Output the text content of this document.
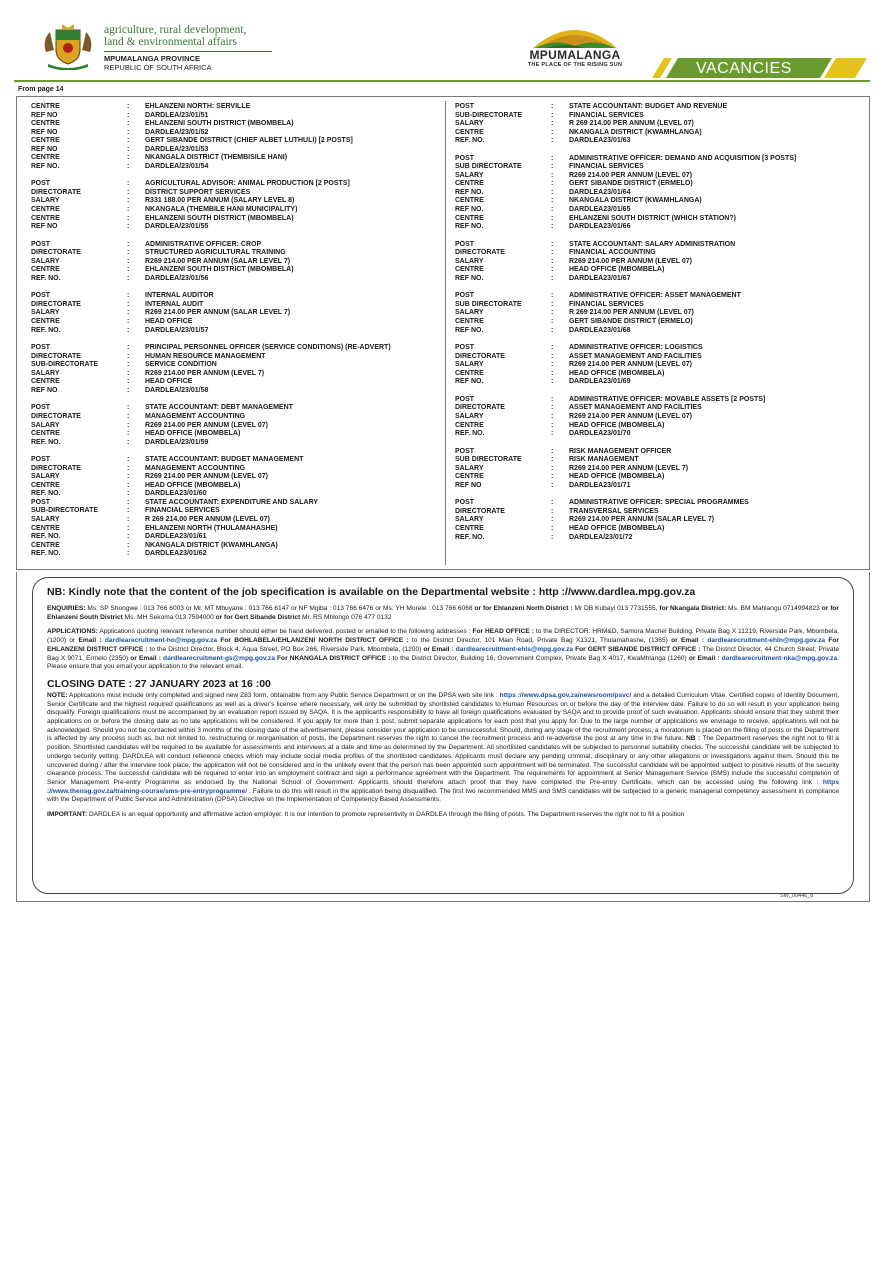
agriculture, rural development,
land & environmental affairs
MPUMALANGA PROVINCE
REPUBLIC OF SOUTH AFRICA
MPUMALANGA
THE PLACE OF THE RISING SUN	VACANCIES
From page 14
CENTRE	:	EHLANZENI NORTH: SERVILLE
REF NO	:	DARDLEA/23/01/51
CENTRE	:	EHLANZENI SOUTH DISTRICT (MBOMBELA)
REF NO	:	DARDLEA/23/01/52
CENTRE	:	GERT SIBANDE DISTRICT (CHIEF ALBET LUTHULI) [2 POSTS]
REF NO	:	DARDLEA/23/01/53
CENTRE	:	NKANGALA DISTRICT (THEMBISILE HANI)
REF NO.	:	DARDLEA/23/01/54
POST	:	AGRICULTURAL ADVISOR: ANIMAL PRODUCTION [2 POSTS]
DIRECTORATE	:	DISTRICT SUPPORT SERVICES
SALARY	:	R331 188.00 PER ANNUM (SALARY LEVEL 8)
CENTRE	:	NKANGALA (THEMBILE HANI MUNICIPALITY)
CENTRE	:	EHLANZENI SOUTH DISTRICT (MBOMBELA)
REF NO	:	DARDLEA/23/01/55
POST	:	ADMINISTRATIVE OFFICER: CROP
DIRECTORATE	:	STRUCTURED AGRICULTURAL TRAINING
SALARY	:	R269 214.00 PER ANNUM (SALAR LEVEL 7)
CENTRE	:	EHLANZENI SOUTH DISTRICT (MBOMBELA)
REF. NO.	:	DARDLEA/23/01/56
POST	:	INTERNAL AUDITOR
DIRECTORATE	:	INTERNAL AUDIT
SALARY	:	R269 214.00 PER ANNUM (SALAR LEVEL 7)
CENTRE	:	HEAD OFFICE
REF. NO.	:	DARDLEA/23/01/57
POST	:	PRINCIPAL PERSONNEL OFFICER (SERVICE CONDITIONS) (RE-ADVERT)
DIRECTORATE	:	HUMAN RESOURCE MANAGEMENT
SUB-DIRECTORATE	:	SERVICE CONDITION
SALARY	:	R269 214.00 PER ANNUM (LEVEL 7)
CENTRE	:	HEAD OFFICE
REF NO	:	DARDLEA/23/01/58
POST	:	STATE ACCOUNTANT: DEBT MANAGEMENT
DIRECTORATE	:	MANAGEMENT ACCOUNTING
SALARY	:	R269 214.00 PER ANNUM (LEVEL 07)
CENTRE	:	HEAD OFFICE (MBOMBELA)
REF. NO.	:	DARDLEA/23/01/59
POST	:	STATE ACCOUNTANT: BUDGET MANAGEMENT
DIRECTORATE	:	MANAGEMENT ACCOUNTING
SALARY	:	R269 214.00 PER ANNUM (LEVEL 07)
CENTRE	:	HEAD OFFICE (MBOMBELA)
REF. NO.	:	DARDLEA23/01/60
POST	:	STATE ACCOUNTANT: EXPENDITURE AND SALARY
SUB-DIRECTORATE	:	FINANCIAL SERVICES
SALARY	:	R 269 214.00 PER ANNUM (LEVEL 07)
CENTRE	:	EHLANZENI NORTH (THULAMAHASHE)
REF. NO.	:	DARDLEA23/01/61
CENTRE	:	NKANGALA DISTRICT (KWAMHLANGA)
REF. NO.	:	DARDLEA23/01/62
POST	:	STATE ACCOUNTANT: BUDGET AND REVENUE
SUB-DIRECTORATE	:	FINANCIAL SERVICES
SALARY	:	R 269 214.00 PER ANNUM (LEVEL 07)
CENTRE	:	NKANGALA DISTRICT (KWAMHLANGA)
REF. NO.	:	DARDLEA23/01/63
POST	:	ADMINISTRATIVE OFFICER: DEMAND AND ACQUISITION [3 POSTS]
SUB DIRECTORATE	:	FINANCIAL SERVICES
SALARY	:	R269 214.00 PER ANNUM (LEVEL 07)
CENTRE	:	GERT SIBANDE DISTRICT (ERMELO)
REF NO.	:	DARDLEA23/01/64
CENTRE	:	NKANGALA DISTRICT (KWAMHLANGA)
REF NO.	:	DARDLEA23/01/65
CENTRE	:	EHLANZENI SOUTH DISTRICT (WHICH STATION?)
REF NO.	:	DARDLEA23/01/66
POST	:	STATE ACCOUNTANT: SALARY ADMINISTRATION
DIRECTORATE	:	FINANCIAL ACCOUNTING
SALARY	:	R269 214.00 PER ANNUM (LEVEL 07)
CENTRE	:	HEAD OFFICE (MBOMBELA)
REF NO.	:	DARDLEA23/01/67
POST	:	ADMINISTRATIVE OFFICER: ASSET MANAGEMENT
SUB DIRECTORATE	:	FINANCIAL SERVICES
SALARY	:	R 269 214.00 PER ANNUM (LEVEL 07)
CENTRE	:	GERT SIBANDE DISTRICT (ERMELO)
REF NO.	:	DARDLEA23/01/68
POST	:	ADMINISTRATIVE OFFICER: LOGISTICS
DIRECTORATE	:	ASSET MANAGEMENT AND FACILITIES
SALARY	:	R269 214.00 PER ANNUM (LEVEL 07)
CENTRE	:	HEAD OFFICE (MBOMBELA)
REF NO.	:	DARDLEA23/01/69
POST	:	ADMINISTRATIVE OFFICER: MOVABLE ASSETS [2 POSTS]
DIRECTORATE	:	ASSET MANAGEMENT AND FACILITIES
SALARY	:	R269 214.00 PER ANNUM (LEVEL 07)
CENTRE	:	HEAD OFFICE (MBOMBELA)
REF. NO.	:	DARDLEA23/01/70
POST	:	RISK MANAGEMENT OFFICER
SUB DIRECTORATE	:	RISK MANAGEMENT
SALARY	:	R269 214.00 PER ANNUM (LEVEL 7)
CENTRE	:	HEAD OFFICE (MBOMBELA)
REF NO	:	DARDLEA23/01/71
POST	:	ADMINISTRATIVE OFFICER: SPECIAL PROGRAMMES
DIRECTORATE	:	TRANSVERSAL SERVICES
SALARY	:	R269 214.00 PER ANNUM (SALAR LEVEL 7)
CENTRE	:	HEAD OFFICE (MBOMBELA)
REF. NO.	:	DARDLEA/23/01/72
NB: Kindly note that the content of the job specification is available on the Departmental website : http ://www.dardlea.mpg.gov.za

ENQUIRIES: Ms. SP Shongwe : 013 766 6003 or Mr. MT Mbuyane : 013 766 6147 or NF Mgiba : 013 766 6476 or Ms. YH Morele : 013 766 6068 or for Ehlanzeni North District : Mr DB Kubayi 013 7731555, for Nkangala District: Ms. BM Mahlangu 0714994823 or for Ehlanzeni South District Ms. MH Sekoma 013 7594000 or for Gert Sibande District Mr. RS Mhlongo 076 477 0132

APPLICATIONS: Applications quoting relevant reference number should either be hand delivered, posted or emailed to the following addresses : For HEAD OFFICE : to the DIRECTOR: HRM&D, Samora Machel Building, Private Bag X 11219, Riverside Park, Mbombela, (1200) or Email : dardlearecruitment-ho@mpg.gov.za For BOHLABELA/EHLANZENI NORTH DISTRICT OFFICE : to the District Director, 101 Main Road, Private Bag X1321, Thulamahashe, (1365) or Email : dardlearecruitment-ehln@mpg.gov.za For EHLANZENI DISTRICT OFFICE : to the District Director, Block 4, Aqua Street, PO Box 266, Riverside Park, Mbombela, (1200) or Email : dardlearecruitment-ehls@mpg.gov.za For GERT SIBANDE DISTRICT OFFICE : The District Director, 44 Church Street, Private Bag X 9071, Ermelo (2350) or Email : dardlearecruitment-gs@mpg.gov.za For NKANGALA DISTRICT OFFICE : to the District Director, Building 16, Government Complex, Private Bag X 4017, KwaMhlanga (1260) or Email : dardlearecruitment-nka@mpg.gov.za. Please ensure that you email your application to the relevant email.

CLOSING DATE : 27 JANUARY 2023 at 16 :00

NOTE: Applications must include only completed and signed new Z83 form, obtainable from any Public Service Department or on the DPSA web site link : https ://www.dpsa.gov.za/newsroom/psvc/ and a detailed Curriculum Vitae. Certified copies of Identity Document, Senior Certificate and the highest required qualifications as well as a driver's license where necessary, will only be submitted by shortlisted candidates to Human Resources on or before the day of the interview date. Failure to do so will result in your application being disqualify. Foreign qualifications must be accompanied by an evaluation report issued by SAQA. It is the applicant's responsibility to have all foreign qualifications evaluated by SAQA and to provide proof of such evaluation. Applicants should ensure that they submit their applications on or before the closing date as no late applications will be considered. If you apply for more than 1 post, submit separate applications for each post that you apply for. Due to the large number of applications we envisage to receive, applications will not be acknowledged. Should you not be contacted within 3 months of the closing date of the advertisement, please consider your application to be unsuccessful. Should, during any stage of the recruitment process, a moratorium is placed on the filling of posts or the Department is affected by any process such as, but not limited to, restructuring or reorganisation of posts, the Department reserves the right to cancel the recruitment process and re-advertise the post at any time in the future. NB : The Department reserves the right not to fill a position. Shortlisted candidates will be required to be available for assessments and interviews at a date and time as determined by the Department. All shortlisted candidates will be subjected to personnel suitability checks. The successful candidate will be subjected to undergo security vetting. DARDLEA will conduct reference checks which may include social media profiles of the shortlisted candidates. Applicants must declare any pending criminal, disciplinary or any other allegations or investigations against them. Should this be uncovered during / after the interview took place, the application will not be considered and in the unlikely event that the person has been appointed such appointment will be terminated. The successful candidate will be appointed subject to positive results of the security clearance process. The successful candidate will be required to enter into an employment contract and sign a performance agreement with the Department. The requirements for appointment at Senior Management Service (SMS) include the successful completion of Senior Management Pre-entry Programme as endorsed by the National School of Government. Applicants should therefore attach proof that they have completed the Pre-entry Certificate, which can be accessed using the following link : https ://www.thensg.gov.za/training-course/sms-pre-entryprogramme/ . Failure to do this will result in the application being disqualified. The first two recommended MMS and SMS candidates will be subjected to a generic managerial competency assessment in compliance with the Department of Public Service and Administration (DPSA) Directive on the Implementation of Competency Based Assessments.

IMPORTANT: DARDLEA is an equal opportunity and affirmative action employer. It is our intention to promote representivity in DARDLEA through the filling of posts. The Department reserves the right not to fill a position

SW_00446_8
